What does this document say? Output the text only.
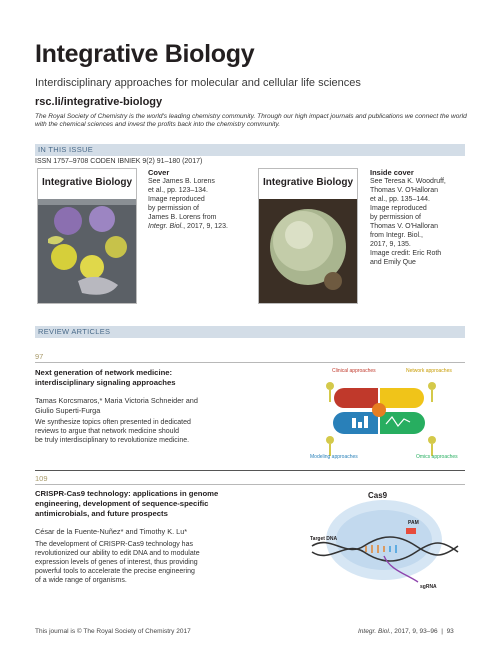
Integrative Biology
Interdisciplinary approaches for molecular and cellular life sciences
rsc.li/integrative-biology
The Royal Society of Chemistry is the world's leading chemistry community. Through our high impact journals and publications we connect the world with the chemical sciences and invest the profits back into the chemistry community.
IN THIS ISSUE
ISSN 1757–9708 CODEN IBNIEK 9(2) 91–180 (2017)
Integrative Biology
Cover
See James B. Lorens
et al., pp. 123–134.
Image reproduced
by permission of
James B. Lorens from
Integr. Biol., 2017, 9, 123.
Integrative Biology
Inside cover
See Teresa K. Woodruff,
Thomas V. O'Halloran
et al., pp. 135–144.
Image reproduced
by permission of
Thomas V. O'Halloran
from Integr. Biol.,
2017, 9, 135.
Image credit: Eric Roth
and Emily Que
REVIEW ARTICLES
97
Next generation of network medicine:
interdisciplinary signaling approaches
Tamas Korcsmaros,* Maria Victoria Schneider and
Giulio Superti-Furga
We synthesize topics often presented in dedicated
reviews to argue that network medicine should
be truly interdisciplinary to revolutionize medicine.
Clinical approaches	Network approaches
Modeling approaches	Omics approaches
109
CRISPR-Cas9 technology: applications in genome
engineering, development of sequence-specific
antimicrobials, and future prospects
César de la Fuente-Nuñez* and Timothy K. Lu*
The development of CRISPR-Cas9 technology has
revolutionized our ability to edit DNA and to modulate
expression levels of genes of interest, thus providing
powerful tools to accelerate the precise engineering
of a wide range of organisms.
Cas9
PAM
Target DNA
sgRNA
This journal is © The Royal Society of Chemistry 2017	Integr. Biol., 2017, 9, 93–96  |  93
